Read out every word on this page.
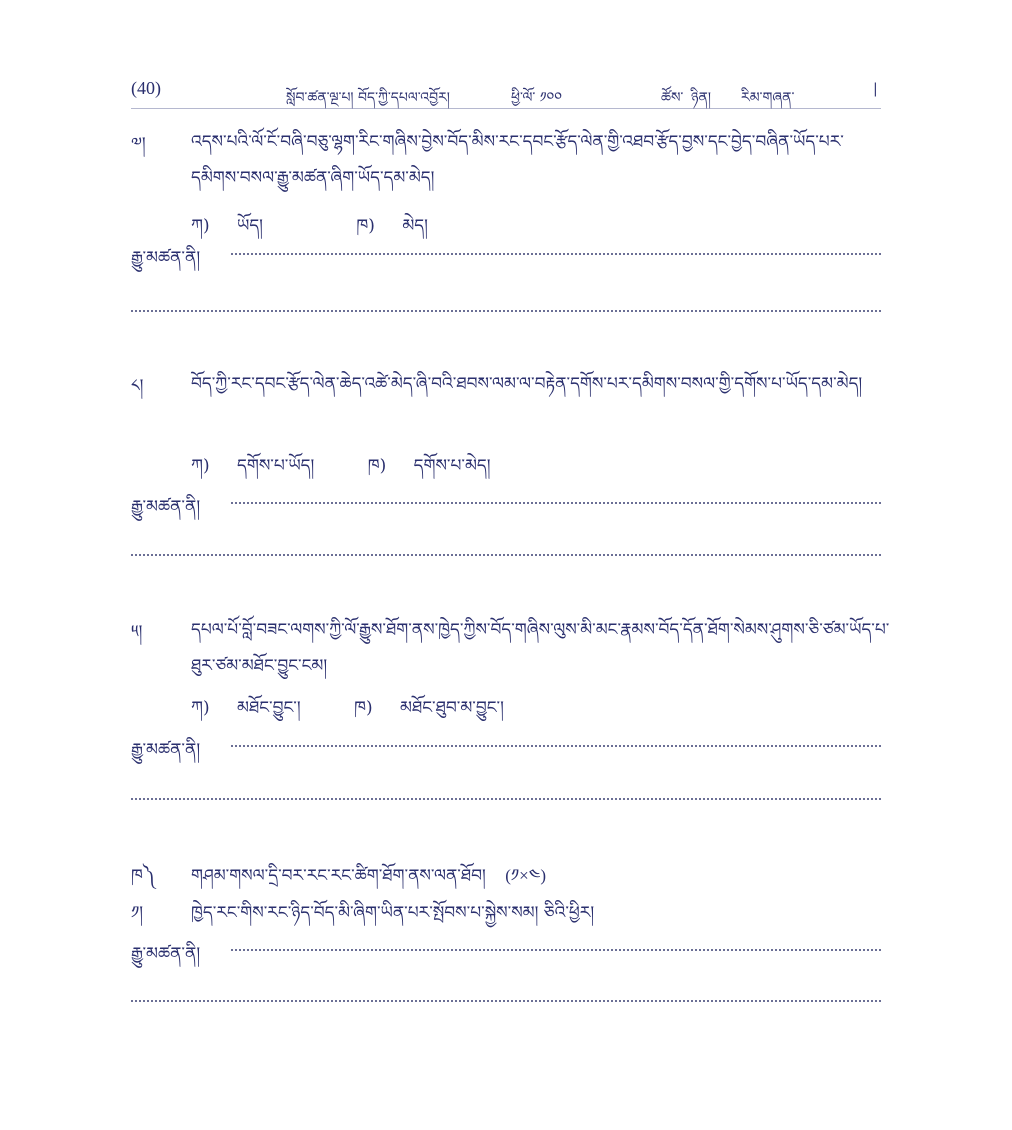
(40)	སློབ་ཚན་ལྔ་པ། བོད་ཀྱི་དཔལ་འབྱོར།	ཕྱི་ལོ་ ༡༠༠	ཚོས་ ཉིན། རིམ་གཞན་
|
༧།	འདས་པའི་ལོ་ངོ་བཞི་བཅུ་ལྷག་རིང་གཞིས་བྱེས་བོད་མིས་རང་དབང་རྩོད་ལེན་གྱི་འཐབ་རྩོད་བྱས་དང་བྱེད་བཞིན་ཡོད་པར་དམིགས་བསལ་རྒྱུ་མཚན་ཞིག་ཡོད་དམ་མེད།
ཀ) ཡོད།	ཁ) མེད།
རྒྱུ་མཚན་ནི།
༨།	བོད་ཀྱི་རང་དབང་རྩོད་ལེན་ཆེད་འཚེ་མེད་ཞི་བའི་ཐབས་ལམ་ལ་བརྟེན་དགོས་པར་དམིགས་བསལ་གྱི་དགོས་པ་ཡོད་དམ་མེད།
ཀ) དགོས་པ་ཡོད།	ཁ) དགོས་པ་མེད།
རྒྱུ་མཚན་ནི།
༥།	དཔལ་པོ་བློ་བཟང་ལགས་ཀྱི་ལོ་རྒྱུས་ཐོག་ནས་ཁྱེད་ཀྱིས་བོད་གཞིས་ལུས་མི་མང་རྣམས་བོད་དོན་ཐོག་སེམས་ཤུགས་ཅི་ཙམ་ཡོད་པ་ཐུར་ཙམ་མཐོང་བྱུང་ངམ།
ཀ) མཐོང་བྱུང་།	ཁ) མཐོང་ཐུབ་མ་བྱུང་།
རྒྱུ་མཚན་ནི།
ཁ༽ གཤམ་གསལ་དྲི་བར་རང་རང་ཚིག་ཐོག་ནས་ལན་ཐོབ། (༡×༤)
༡།	ཁྱེད་རང་གིས་རང་ཉིད་བོད་མི་ཞིག་ཡིན་པར་སྤོབས་པ་སྐྱེས་སམ། ཅིའི་ཕྱིར།
རྒྱུ་མཚན་ནི།
